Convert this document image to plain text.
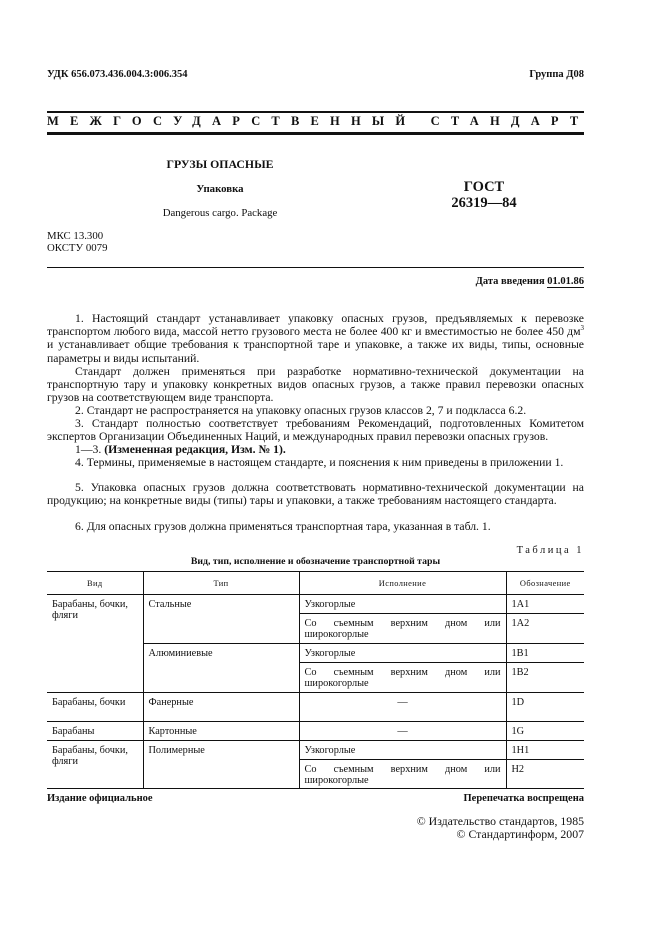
УДК 656.073.436.004.3:006.354	Группа Д08
МЕЖГОСУДАРСТВЕННЫЙ СТАНДАРТ
ГРУЗЫ ОПАСНЫЕ
Упаковка
Dangerous cargo. Package
ГОСТ
26319—84
МКС 13.300
ОКСТУ 0079
Дата введения 01.01.86

1. Настоящий стандарт устанавливает упаковку опасных грузов, предъявляемых к перевозке транспортом любого вида, массой нетто грузового места не более 400 кг и вместимостью не более 450 $дм^3$ и устанавливает общие требования к транспортной таре и упаковке, а также их виды, типы, основные параметры и виды испытаний.

Стандарт должен применяться при разработке нормативно-технической документации на транспортную тару и упаковку конкретных видов опасных грузов, а также правил перевозки опасных грузов на соответствующем виде транспорта.

2. Стандарт не распространяется на упаковку опасных грузов классов 2, 7 и подкласса 6.2.

3. Стандарт полностью соответствует требованиям Рекомендаций, подготовленных Комитетом экспертов Организации Объединенных Наций, и международных правил перевозки опасных грузов.

1—3. (Измененная редакция, Изм. № 1).

4. Термины, применяемые в настоящем стандарте, и пояснения к ним приведены в приложении 1.

5. Упаковка опасных грузов должна соответствовать нормативно-технической документации на продукцию; на конкретные виды (типы) тары и упаковки, а также требованиям настоящего стандарта.

6. Для опасных грузов должна применяться транспортная тара, указанная в табл. 1.

Таблица 1
Вид, тип, исполнение и обозначение транспортной тары
Вид	Тип	Исполнение	Обозначение
Барабаны, бочки, фляги	Стальные	Узкогорлые	1A1
		Со съемным верхним дном или широкогорлые	1A2
	Алюминиевые	Узкогорлые	1B1
		Со съемным верхним дном или широкогорлые	1B2
Барабаны, бочки	Фанерные	—	1D
Барабаны	Картонные	—	1G
Барабаны, бочки, фляги	Полимерные	Узкогорлые	1H1
		Со съемным верхним дном или широкогорлые	H2
Издание официальное	Перепечатка воспрещена
© Издательство стандартов, 1985
© Стандартинформ, 2007
